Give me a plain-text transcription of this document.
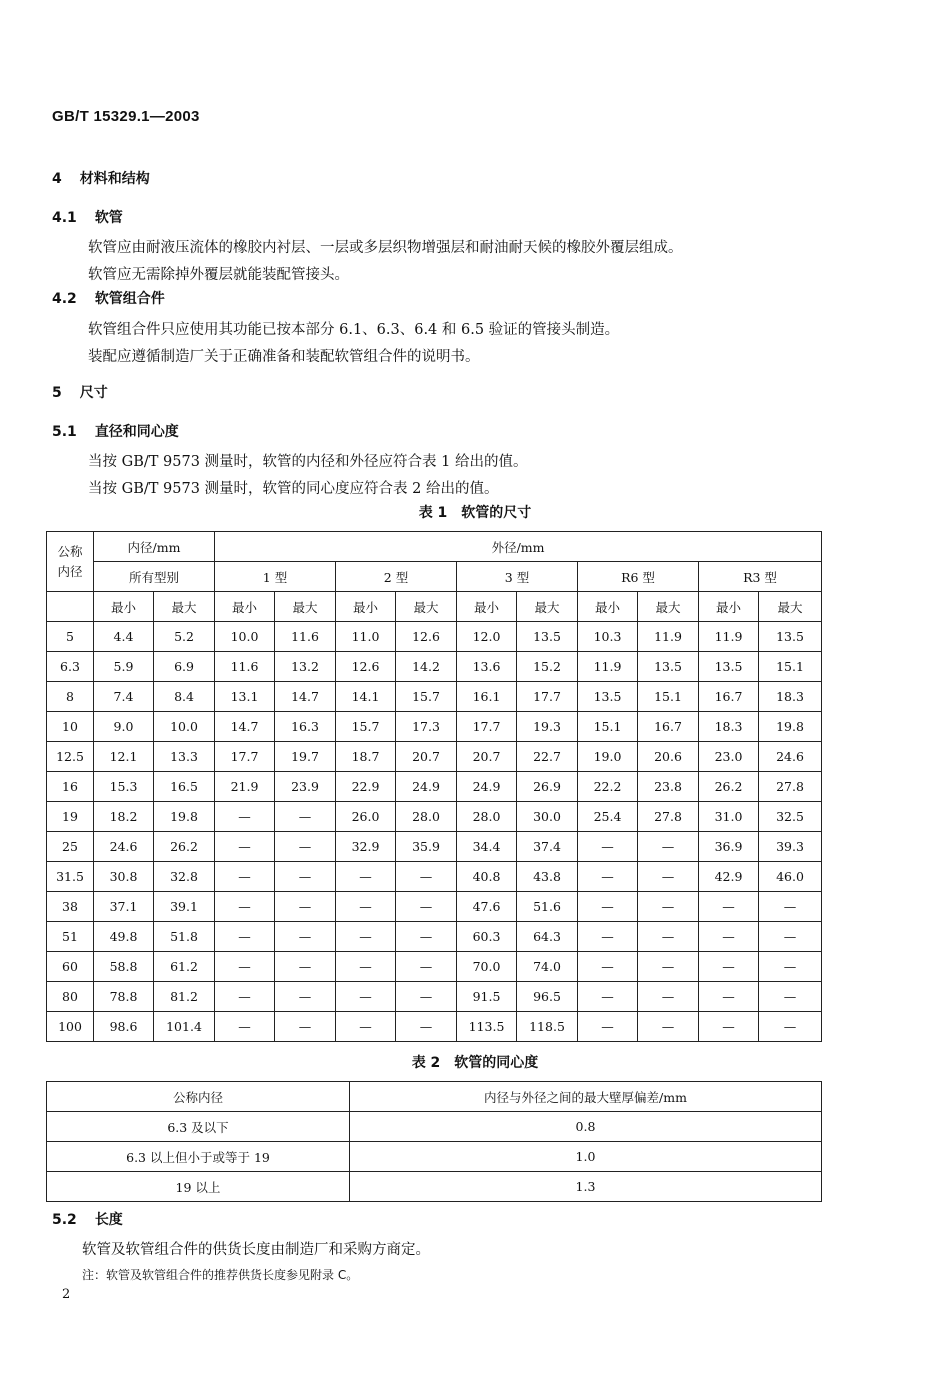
GB/T 15329.1—2003
4 材料和结构
4.1 软管
软管应由耐液压流体的橡胶内衬层、一层或多层织物增强层和耐油耐天候的橡胶外覆层组成。
软管应无需除掉外覆层就能装配管接头。
4.2 软管组合件
软管组合件只应使用其功能已按本部分 6.1、6.3、6.4 和 6.5 验证的管接头制造。
装配应遵循制造厂关于正确准备和装配软管组合件的说明书。
5 尺寸
5.1 直径和同心度
当按 GB/T 9573 测量时，软管的内径和外径应符合表 1 给出的值。
当按 GB/T 9573 测量时，软管的同心度应符合表 2 给出的值。
表 1　软管的尺寸
公称内径	内径/mm		外径/mm									
	所有型别		1 型		2 型		3 型		R6 型		R3 型	
	最小	最大	最小	最大	最小	最大	最小	最大	最小	最大	最小	最大
5	4.4	5.2	10.0	11.6	11.0	12.6	12.0	13.5	10.3	11.9	11.9	13.5
6.3	5.9	6.9	11.6	13.2	12.6	14.2	13.6	15.2	11.9	13.5	13.5	15.1
8	7.4	8.4	13.1	14.7	14.1	15.7	16.1	17.7	13.5	15.1	16.7	18.3
10	9.0	10.0	14.7	16.3	15.7	17.3	17.7	19.3	15.1	16.7	18.3	19.8
12.5	12.1	13.3	17.7	19.7	18.7	20.7	20.7	22.7	19.0	20.6	23.0	24.6
16	15.3	16.5	21.9	23.9	22.9	24.9	24.9	26.9	22.2	23.8	26.2	27.8
19	18.2	19.8	—	—	26.0	28.0	28.0	30.0	25.4	27.8	31.0	32.5
25	24.6	26.2	—	—	32.9	35.9	34.4	37.4	—	—	36.9	39.3
31.5	30.8	32.8	—	—	—	—	40.8	43.8	—	—	42.9	46.0
38	37.1	39.1	—	—	—	—	47.6	51.6	—	—	—	—
51	49.8	51.8	—	—	—	—	60.3	64.3	—	—	—	—
60	58.8	61.2	—	—	—	—	70.0	74.0	—	—	—	—
80	78.8	81.2	—	—	—	—	91.5	96.5	—	—	—	—
100	98.6	101.4	—	—	—	—	113.5	118.5	—	—	—	—
表 2　软管的同心度
公称内径	内径与外径之间的最大壁厚偏差/mm
6.3 及以下	0.8
6.3 以上但小于或等于 19	1.0
19 以上	1.3
5.2 长度
软管及软管组合件的供货长度由制造厂和采购方商定。
注：软管及软管组合件的推荐供货长度参见附录 C。
2
